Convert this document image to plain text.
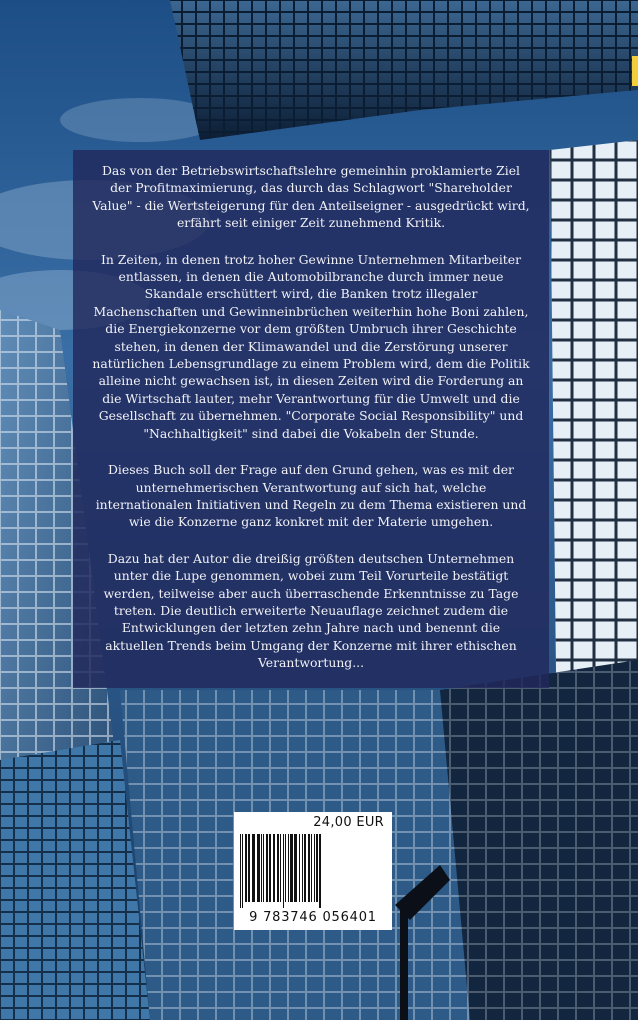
Das von der Betriebswirtschaftslehre gemeinhin proklamierte Ziel der Profitmaximierung, das durch das Schlagwort "Shareholder Value" - die Wertsteigerung für den Anteilseigner - ausgedrückt wird, erfährt seit einiger Zeit zunehmend Kritik.

In Zeiten, in denen trotz hoher Gewinne Unternehmen Mitarbeiter entlassen, in denen die Automobilbranche durch immer neue Skandale erschüttert wird, die Banken trotz illegaler Machenschaften und Gewinneinbrüchen weiterhin hohe Boni zahlen, die Energiekonzerne vor dem größten Umbruch ihrer Geschichte stehen, in denen der Klimawandel und die Zerstörung unserer natürlichen Lebensgrundlage zu einem Problem wird, dem die Politik alleine nicht gewachsen ist, in diesen Zeiten wird die Forderung an die Wirtschaft lauter, mehr Verantwortung für die Umwelt und die Gesellschaft zu übernehmen. "Corporate Social Responsibility" und "Nachhaltigkeit" sind dabei die Vokabeln der Stunde.

Dieses Buch soll der Frage auf den Grund gehen, was es mit der unternehmerischen Verantwortung auf sich hat, welche internationalen Initiativen und Regeln zu dem Thema existieren und wie die Konzerne ganz konkret mit der Materie umgehen.

Dazu hat der Autor die dreißig größten deutschen Unternehmen unter die Lupe genommen, wobei zum Teil Vorurteile bestätigt werden, teilweise aber auch überraschende Erkenntnisse zu Tage treten. Die deutlich erweiterte Neuauflage zeichnet zudem die Entwicklungen der letzten zehn Jahre nach und benennt die aktuellen Trends beim Umgang der Konzerne mit ihrer ethischen Verantwortung...

24,00 EUR
9 783746 056401
